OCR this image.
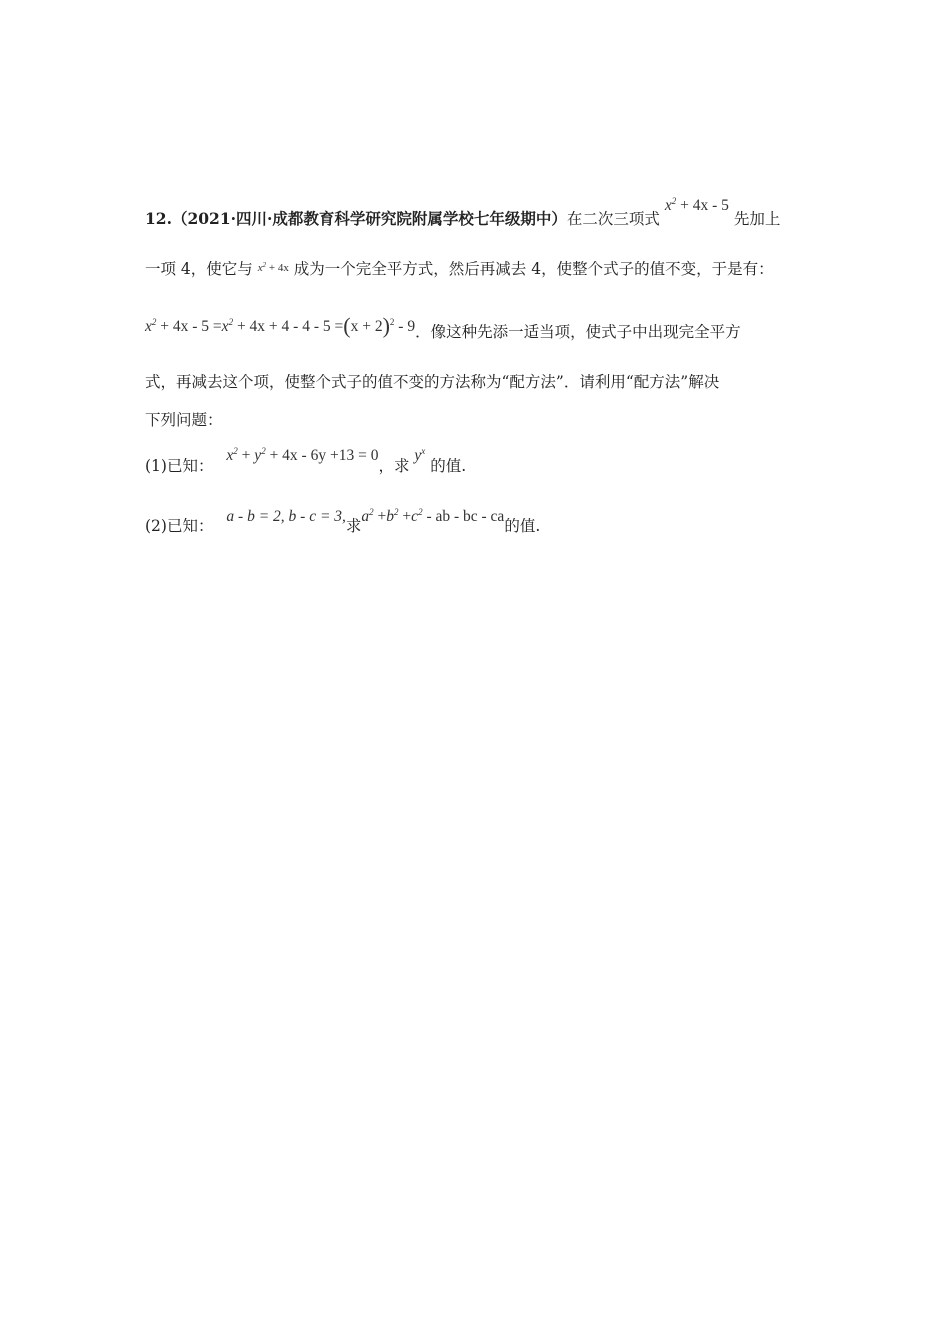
12.（2021·四川·成都教育科学研究院附属学校七年级期中）在二次三项式 $x^2 + 4x - 5$ 先加上
一项 4，使它与 $x^2 + 4x$ 成为一个完全平方式，然后再减去 4，使整个式子的值不变，于是有：
$x^2 + 4x - 5 =x^2 + 4x + 4 - 4 - 5 =(x + 2)^2 - 9$．像这种先添一适当项，使式子中出现完全平方
式，再减去这个项，使整个式子的值不变的方法称为“配方法”．请利用“配方法”解决
下列问题：
(1)已知： $x^2 + y^2 + 4x - 6y +13 = 0$，求 $y^x$ 的值.
(2)已知： a - b = 2, b - c = 3,求$a^2 +b^2 +c^2$ - ab - bc - ca的值.
